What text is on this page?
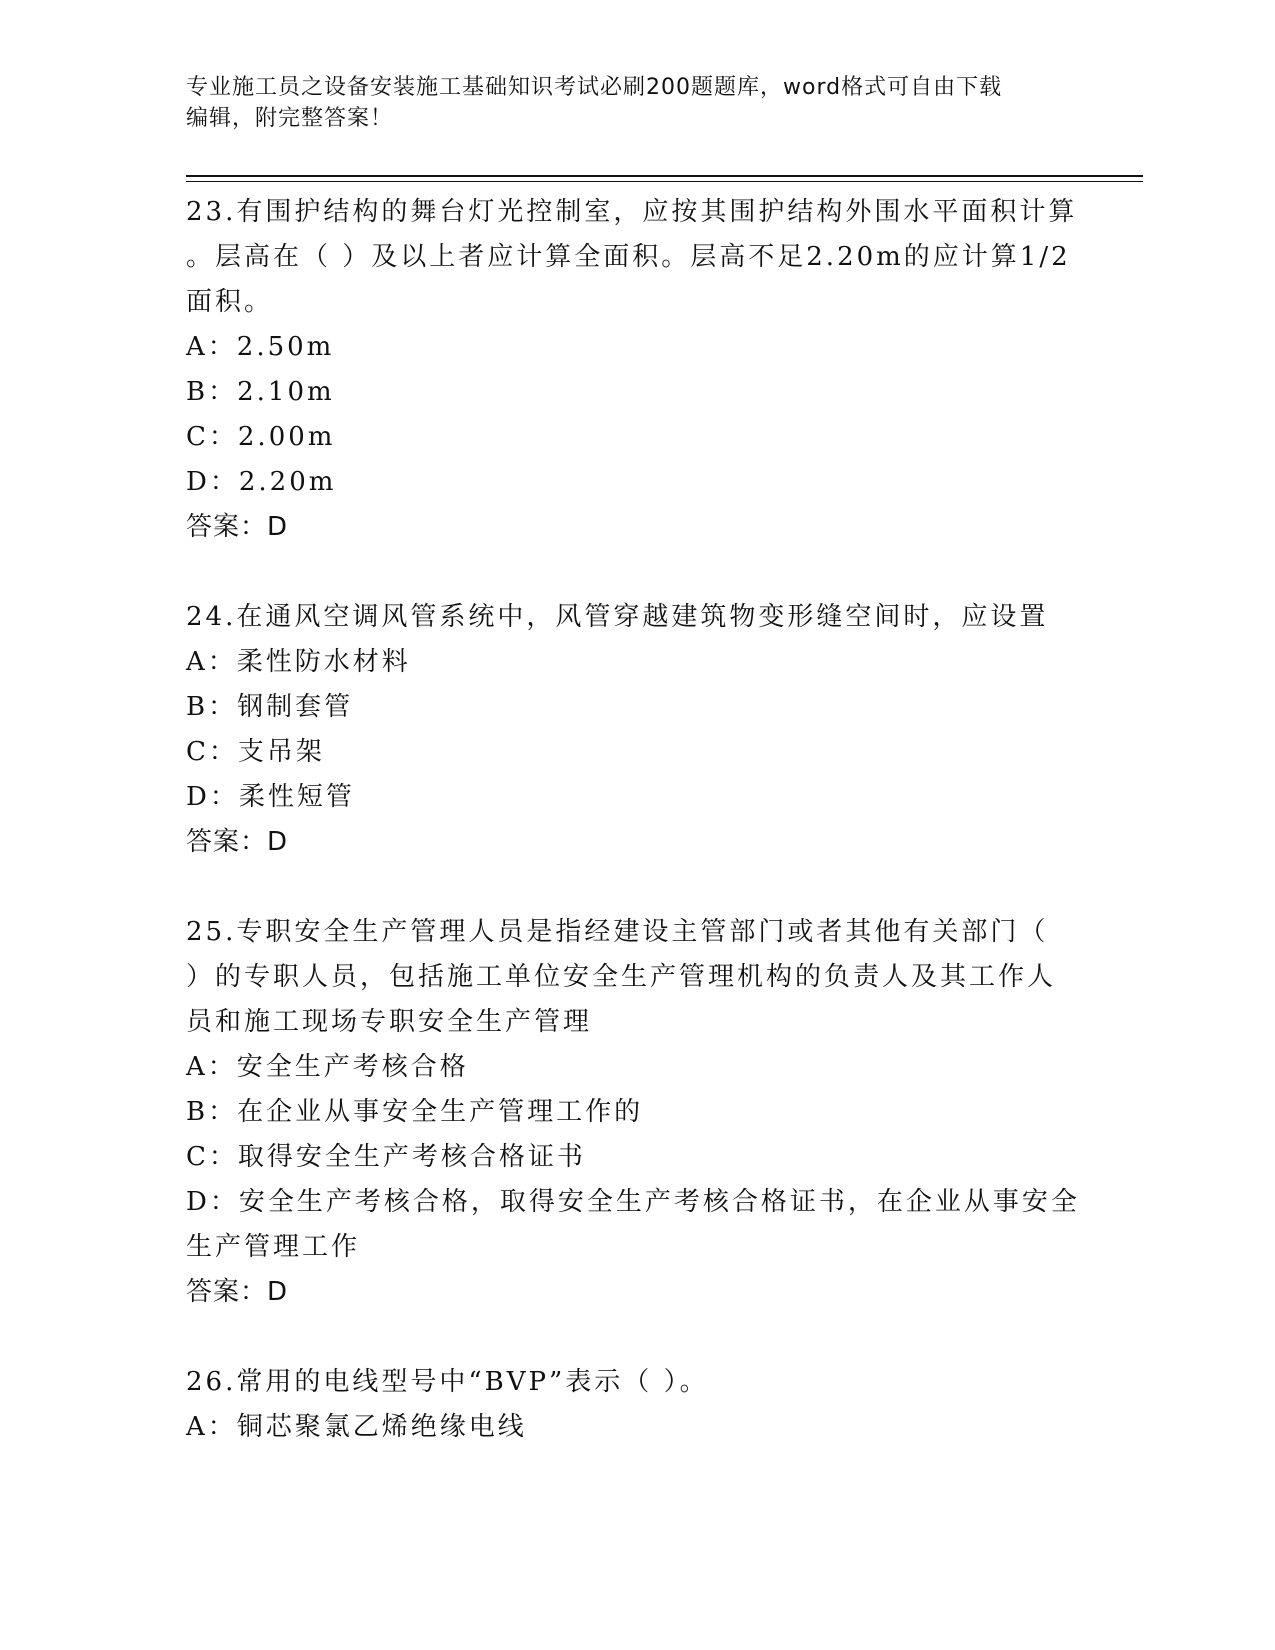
专业施工员之设备安装施工基础知识考试必刷200题题库，word格式可自由下载
编辑，附完整答案！

23.有围护结构的舞台灯光控制室，应按其围护结构外围水平面积计算

。层高在（ ）及以上者应计算全面积。层高不足2.20m的应计算1/2

面积。

A：2.50m

B：2.10m

C：2.00m

D：2.20m

答案：D

24.在通风空调风管系统中，风管穿越建筑物变形缝空间时，应设置

A：柔性防水材料

B：钢制套管

C：支吊架

D：柔性短管

答案：D

25.专职安全生产管理人员是指经建设主管部门或者其他有关部门（

）的专职人员，包括施工单位安全生产管理机构的负责人及其工作人

员和施工现场专职安全生产管理

A：安全生产考核合格

B：在企业从事安全生产管理工作的

C：取得安全生产考核合格证书

D：安全生产考核合格，取得安全生产考核合格证书，在企业从事安全

生产管理工作

答案：D

26.常用的电线型号中“BVP”表示（ ）。

A：铜芯聚氯乙烯绝缘电线
